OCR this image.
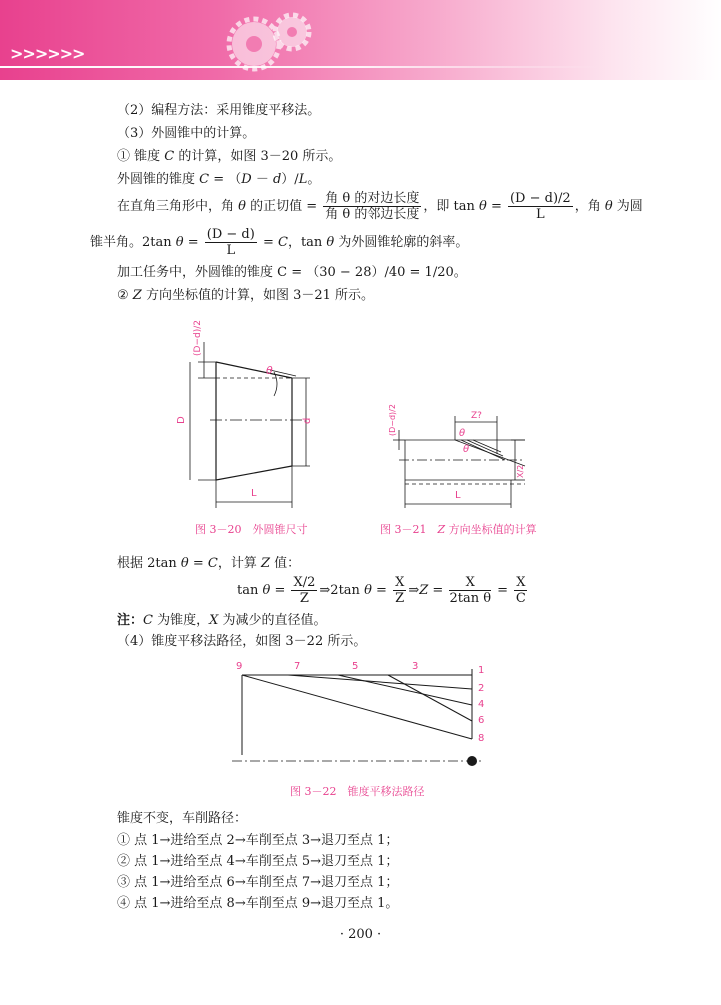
>>>>>>
（2）编程方法：采用锥度平移法。
（3）外圆锥中的计算。
① 锥度 C 的计算，如图 3－20 所示。
外圆锥的锥度 C = （D － d）/L。
在直角三角形中，角 θ 的正切值 = $\frac{\text{角 θ 的对边长度}}{\text{角 θ 的邻边长度}}$ ，即 $\tan \theta = \frac{(D - d)/2}{L}$ ，角 θ 为圆
锥半角。2tan $\theta = \frac{(D - d)}{L} = C$，tan θ 为外圆锥轮廓的斜率。
加工任务中，外圆锥的锥度 C = （30 − 28）/40 = 1/20。
② Z 方向坐标值的计算，如图 3－21 所示。
D	d
L
θ
(D−d)/2
图 3－20　外圆锥尺寸
(D−d)/2	Z?
θ
θ
X/2
L
图 3－21　Z 方向坐标值的计算
根据 2tan θ = C，计算 Z 值：
$\tan \theta = \frac{X/2}{Z}$ ⇒2tan $\theta = \frac{X}{Z}$ ⇒Z = $\frac{X}{\text{2tan θ}} = \frac{X}{C}$
注：C 为锥度，X 为减少的直径值。
（4）锥度平移法路径，如图 3－22 所示。
9	7	5	3	1
2
4
6
8
图 3－22　锥度平移法路径
锥度不变，车削路径：
① 点 1→进给至点 2→车削至点 3→退刀至点 1；
② 点 1→进给至点 4→车削至点 5→退刀至点 1；
③ 点 1→进给至点 6→车削至点 7→退刀至点 1；
④ 点 1→进给至点 8→车削至点 9→退刀至点 1。
· 200 ·
